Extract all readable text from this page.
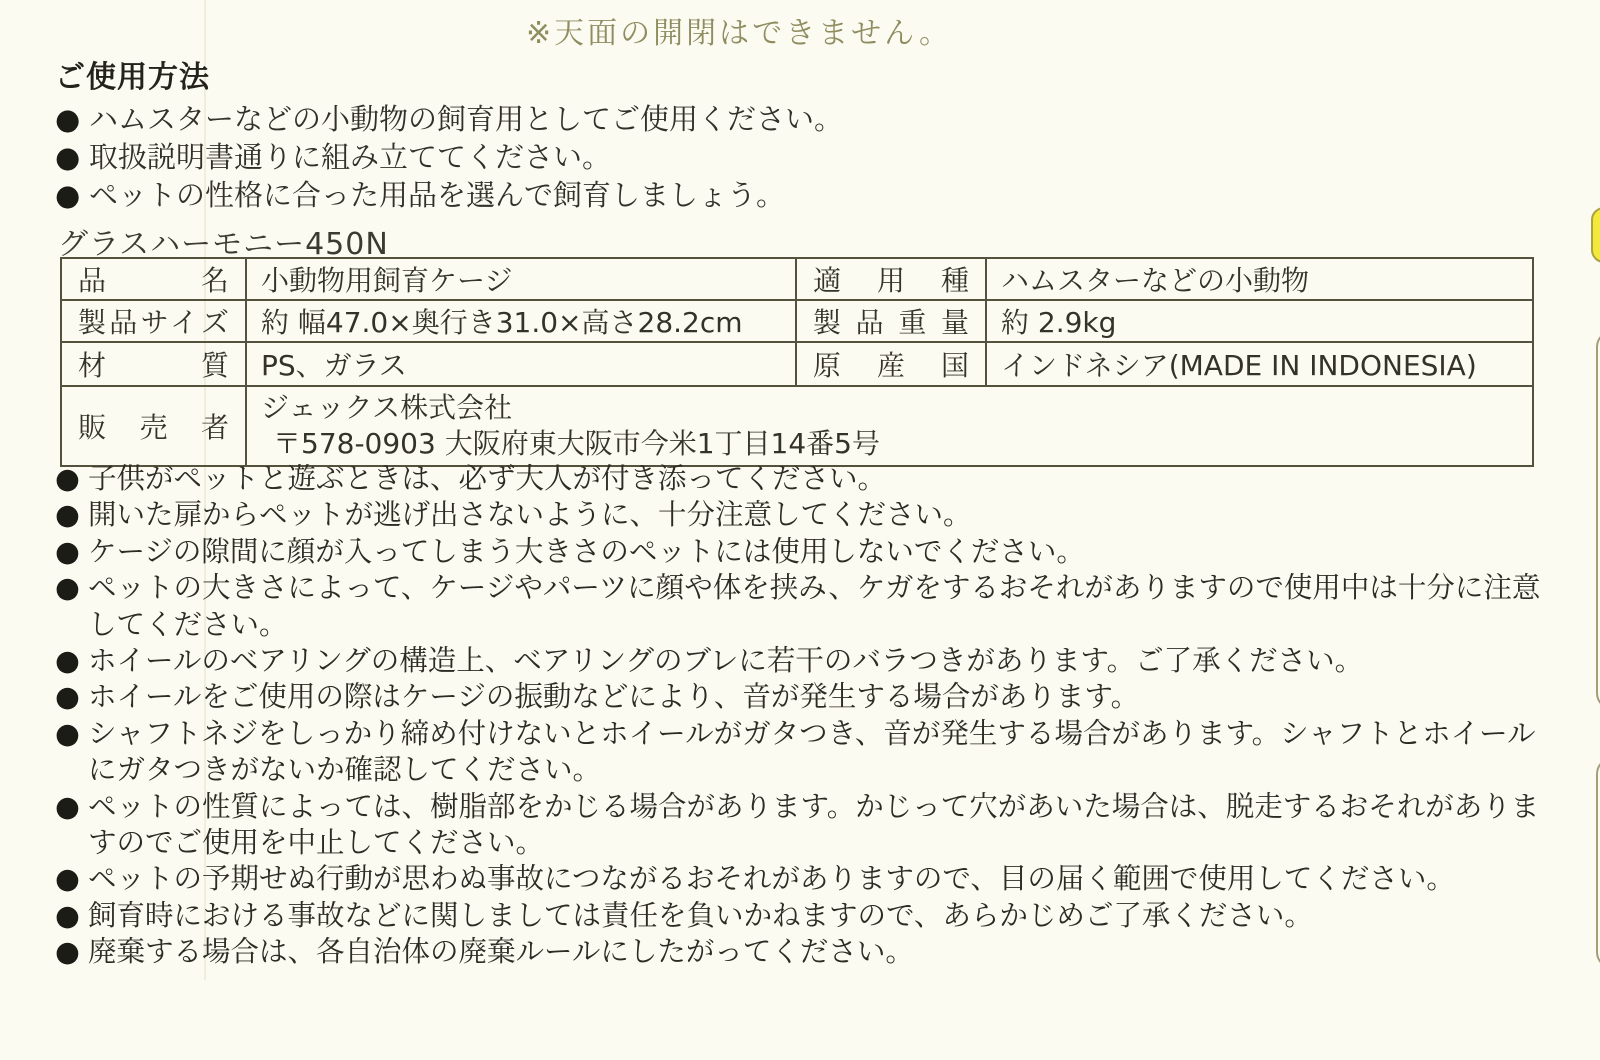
※天面の開閉はできません。
ご使用方法
● ハムスターなどの小動物の飼育用としてご使用ください。
● 取扱説明書通りに組み立ててください。
● ペットの性格に合った用品を選んで飼育しましょう。
グラスハーモニー450N
品名	小動物用飼育ケージ	適用種	ハムスターなどの小動物
製品サイズ	約 幅47.0×奥行き31.0×高さ28.2cm	製品重量	約 2.9kg
材質	PS、ガラス	原産国	インドネシア(MADE IN INDONESIA)
販売者	ジェックス株式会社
〒578-0903 大阪府東大阪市今米1丁目14番5号		
● 子供がペットと遊ぶときは、必ず大人が付き添ってください。
● 開いた扉からペットが逃げ出さないように、十分注意してください。
● ケージの隙間に顔が入ってしまう大きさのペットには使用しないでください。
● ペットの大きさによって、ケージやパーツに顔や体を挟み、ケガをするおそれがありますので使用中は十分に注意してください。
● ホイールのベアリングの構造上、ベアリングのブレに若干のバラつきがあります。ご了承ください。
● ホイールをご使用の際はケージの振動などにより、音が発生する場合があります。
● シャフトネジをしっかり締め付けないとホイールがガタつき、音が発生する場合があります。シャフトとホイールにガタつきがないか確認してください。
● ペットの性質によっては、樹脂部をかじる場合があります。かじって穴があいた場合は、脱走するおそれがありますのでご使用を中止してください。
● ペットの予期せぬ行動が思わぬ事故につながるおそれがありますので、目の届く範囲で使用してください。
● 飼育時における事故などに関しましては責任を負いかねますので、あらかじめご了承ください。
● 廃棄する場合は、各自治体の廃棄ルールにしたがってください。
